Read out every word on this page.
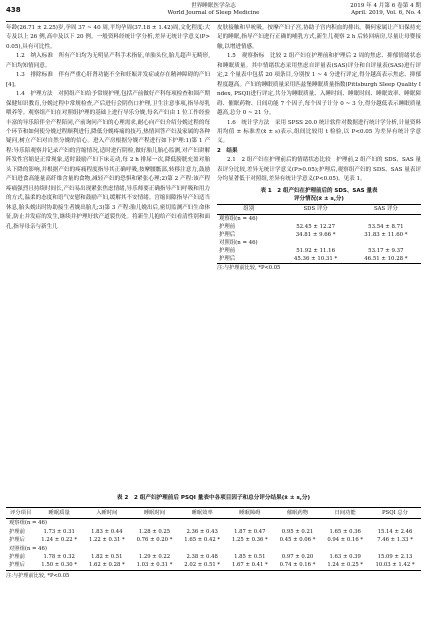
438	世界睡眠医学杂志
World Journal of Sleep Medicine
2019 年 4 月第 6 卷第 4 期
April. 2019, Vol. 6, No. 4

年龄(26.71 ± 2.25)岁,孕周 37 ~ 40 周,平均孕周(37.18 ± 1.42)周,文化程度:大专及以上 26 例,高中及以下 20 例。一般资料经统计学分析,差异无统计学意义(P>0.05),具有可比性。

1.2　纳入标准　所有产妇均为无明显产科手术指征,单胎头位,胎儿超声无畸形,产妇均知情同意。

1.3　排除标准　伴有严重心肝肾功能不全和妊娠并发症或存在精神障碍的产妇[4]。

1.4　护理方法　对照组产妇给予常规护理,包括产前做好产科每项检查和围产期保健知识教育,分娩过程中常规检查,产后进行会阴伤口护理,卫生注意事项,指导母乳喂养等。观察组产妇在对照组护理的基础上进行导乐分娩,每名产妇由 1 位工作经验丰富的导乐陪伴全产程陪同,产前询问产妇的心理需求,耐心向产妇介绍分娩过程的每个环节和如何使分娩过程顺利进行,降低分娩疼痛的技巧,热情回答产妇及家属的各种疑问,树立产妇对自然分娩的信心。进入产房根据分娩产程进行如下护理:1)第 1 产程:导乐陪观察并记录产妇的宫缩情况,适时进行阴检,做好胎儿胎心监测,对产妇讲解阵发性宫缩是正常现象,适时鼓励产妇下床走动,每 2 h 排尿一次,降低膀胱充盈对胎头下降的影响,并根据产妇的疼痛程度指导其正确呼吸,按摩腰骶部,转移注意力,鼓励产妇进食高能量高纤维含量的食物,减轻产妇的恐惧和紧张心理;2)第 2 产程:该产程疼痛强烈且持续时间长,产妇易出现紧张焦虑情绪,导乐师要正确指导产妇呼吸和用力的方式,温柔的态度和语气安慰和鼓励产妇,缓解其不安情绪。宫缩间隙指导产妇适当休息,胎头娩出时协助接生者娩出胎儿;3)第 3 产程:胎儿娩出后,密切监测产妇生命体征,防止并发症的发生,继续并护理好软产道裂伤处。将新生儿抱给产妇看清性别和面孔,指导母亲与新生儿

皮肤接触和早吮吸。按摩产妇子宫,协助子宫内积血的排出。稠何家属让产妇保持充足的睡眠,指导产妇进行正确的哺乳方式,新生儿观察 2 h 后转回病房,尽量让母婴接触,以增进情感。

1.5　观察指标　比较 2 组产妇在护理前和护理后 2 周的焦虑、抑郁情绪状态和睡眠质量。其中情绪状态采用焦虑自评量表(SAS)评分和自评量表(SAS)进行评定,2 个量表中包括 20 项条目,分别按 1 ~ 4 分进行评定,得分越高表示焦虑、抑郁程度越高。产妇的睡眠质量采用匹兹堡睡眠质量指数(Pittsburgh Sleep Quality Index, PSQI)进行评定,共分为睡眠质量、入睡时间、睡眠时间、睡眠效率、睡眠障碍、催眠药物、日间功能 7 个因子,每个因子计分 0 ~ 3 分,得分越低表示睡眠质量越高,总分 0 ~ 21 分。

1.6　统计学方法　采用 SPSS 20.0 统计软件对数据进行统计学分析,计量资料用均值 ± 标准差(x̄ ± s)表示,组间比较用 t 检验,以 P<0.05 为差异有统计学意义。

2　结果

2.1　2 组产妇在护理前后的情绪状态比较　护理前,2 组产妇的 SDS、SAS 量表评分比较,差异无统计学意义(P>0.05);护理后,观察组产妇的 SDS、SAS 量表评分均显著低于对照组,差异有统计学意义(P<0.05)。见表 1。

表 1　2 组产妇在护理前后的 SDS、SAS 量表
评分情况(x̄ ± s,分)
组别	SDS 评分	SAS 评分
观察组(n = 46)		
护理前	52.45 ± 12.27	53.54 ± 8.71
护理后	34.81 ± 9.66 *	31.83 ± 11.60 *
对照组(n = 46)		
护理前	51.92 ± 11.16	53.17 ± 9.37
护理后	45.36 ± 10.31 *	46.51 ± 10.28 *
注:与护理前比较, *P<0.05
表 2　2 组产妇护理前后 PSQI 量表中各项目因子和总分评分结果(x̄ ± s,分)
评分项目	睡眠质量	入睡时间	睡眠时间	睡眠效率	睡眠障碍	催眠药物	日间功能	PSQI 总分
观察组(n = 46)								
护理前	1.73 ± 0.31	1.83 ± 0.44	1.28 ± 0.25	2.36 ± 0.43	1.87 ± 0.47	0.95 ± 0.21	1.65 ± 0.36	15.14 ± 2.46
护理后	1.24 ± 0.22 *	1.22 ± 0.31 *	0.76 ± 0.20 *	1.65 ± 0.42 *	1.25 ± 0.36 *	0.45 ± 0.06 *	0.94 ± 0.16 *	7.46 ± 1.33 *
对照组(n = 46)								
护理前	1.78 ± 0.32	1.82 ± 0.51	1.29 ± 0.22	2.38 ± 0.48	1.85 ± 0.51	0.97 ± 0.20	1.63 ± 0.39	15.09 ± 2.13
护理后	1.50 ± 0.30 *	1.62 ± 0.28 *	1.03 ± 0.31 *	2.02 ± 0.51 *	1.67 ± 0.41 *	0.74 ± 0.16 *	1.24 ± 0.25 *	10.03 ± 1.42 *
注:与护理前比较, *P<0.05
